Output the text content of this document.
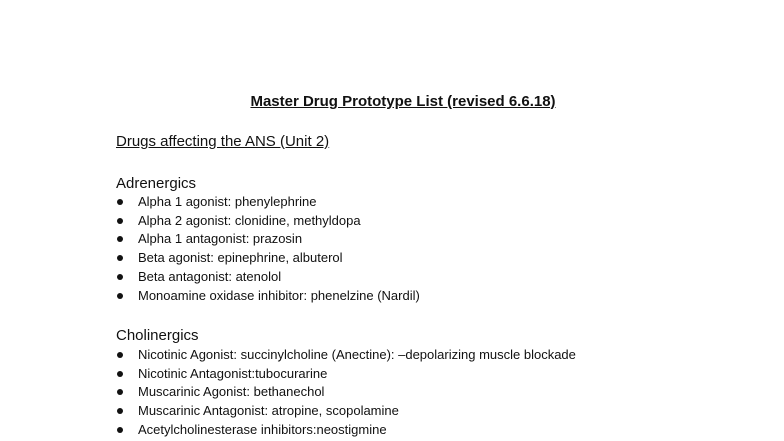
Master Drug Prototype List (revised 6.6.18)
Drugs affecting the ANS (Unit 2)
Adrenergics
Alpha 1 agonist: phenylephrine
Alpha 2 agonist: clonidine, methyldopa
Alpha 1 antagonist: prazosin
Beta agonist: epinephrine, albuterol
Beta antagonist: atenolol
Monoamine oxidase inhibitor: phenelzine (Nardil)
Cholinergics
Nicotinic Agonist: succinylcholine (Anectine): –depolarizing muscle blockade
Nicotinic Antagonist:tubocurarine
Muscarinic Agonist: bethanechol
Muscarinic Antagonist: atropine, scopolamine
Acetylcholinesterase inhibitors:neostigmine
